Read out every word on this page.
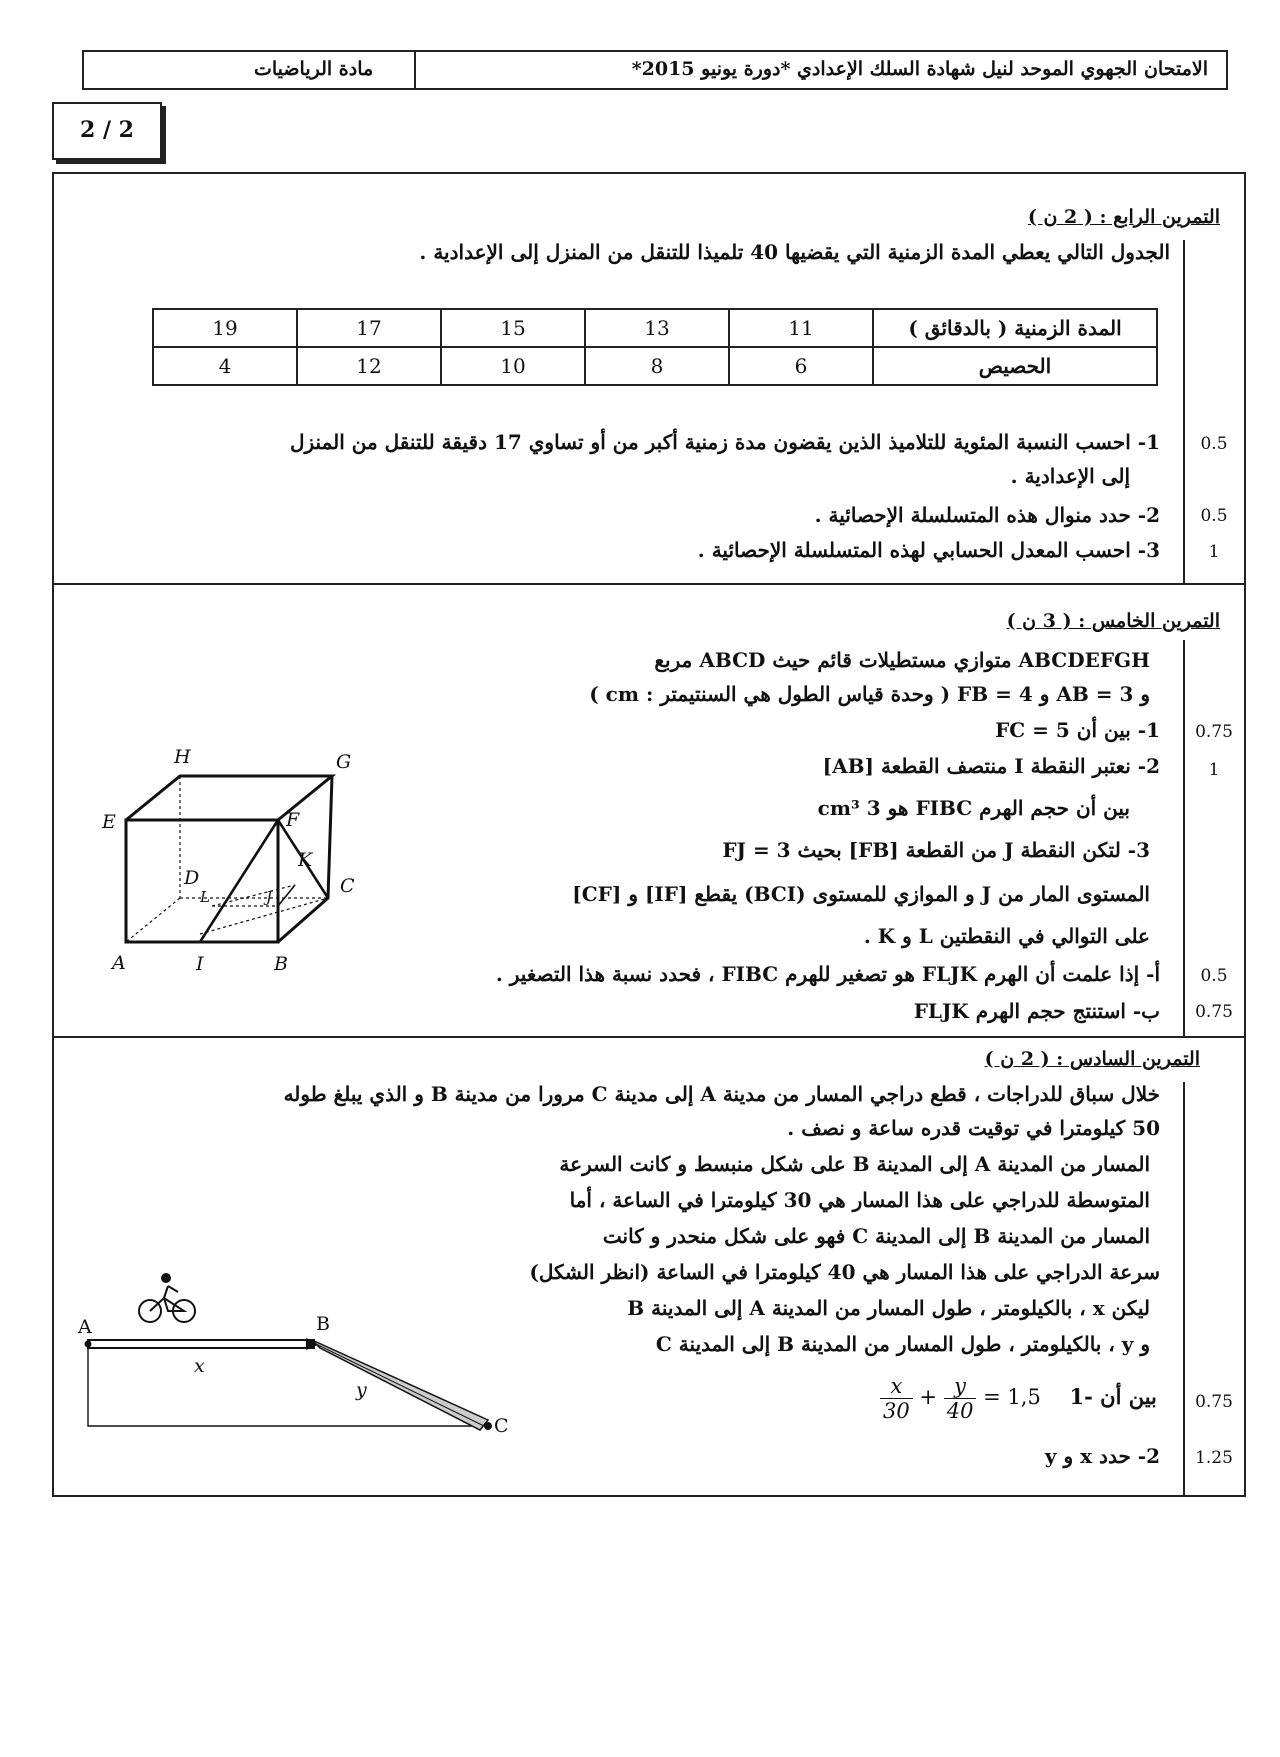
مادة الرياضيات	الامتحان الجهوي الموحد لنيل شهادة السلك الإعدادي *دورة يونيو 2015*
2 / 2
التمرين الرابع : ( 2 ن )
الجدول التالي يعطي المدة الزمنية التي يقضيها 40 تلميذا للتنقل من المنزل إلى الإعدادية .
المدة الزمنية ( بالدقائق )	11	13	15	17	19
الحصيص	6	8	10	12	4
1- احسب النسبة المئوية للتلاميذ الذين يقضون مدة زمنية أكبر من أو تساوي 17 دقيقة للتنقل من المنزل
إلى الإعدادية .
2- حدد منوال هذه المتسلسلة الإحصائية .
3- احسب المعدل الحسابي لهذه المتسلسلة الإحصائية .
0.5
0.5
1
التمرين الخامس : ( 3 ن )
ABCDEFGH متوازي مستطيلات قائم حيث ABCD مربع
و AB = 3 و FB = 4 ( وحدة قياس الطول هي السنتيمتر : cm )
1- بين أن FC = 5
2- نعتبر النقطة I منتصف القطعة [AB]
بين أن حجم الهرم FIBC هو 3 cm³
3- لتكن النقطة J من القطعة [FB] بحيث FJ = 3
المستوى المار من J و الموازي للمستوى (BCI) يقطع [IF] و [CF]
على التوالي في النقطتين L و K .
أ- إذا علمت أن الهرم FLJK هو تصغير للهرم FIBC ، فحدد نسبة هذا التصغير .
ب- استنتج حجم الهرم FLJK
0.75
1
0.5
0.75
H	G
E	F
D
K
C
L	J
A	I	B
التمرين السادس : ( 2 ن )
خلال سباق للدراجات ، قطع دراجي المسار من مدينة A إلى مدينة C مرورا من مدينة B و الذي يبلغ طوله
50 كيلومترا في توقيت قدره ساعة و نصف .
المسار من المدينة A إلى المدينة B على شكل منبسط و كانت السرعة
المتوسطة للدراجي على هذا المسار هي 30 كيلومترا في الساعة ، أما
المسار من المدينة B إلى المدينة C فهو على شكل منحدر و كانت
سرعة الدراجي على هذا المسار هي 40 كيلومترا في الساعة (انظر الشكل)
ليكن x ، بالكيلومتر ، طول المسار من المدينة A إلى المدينة B
و y ، بالكيلومتر ، طول المسار من المدينة B إلى المدينة C
$\frac{x}{30} + \frac{y}{40} = 1,5$ 1- بين أن
2- حدد x و y
0.75
1.25
A	B
C
x
y
